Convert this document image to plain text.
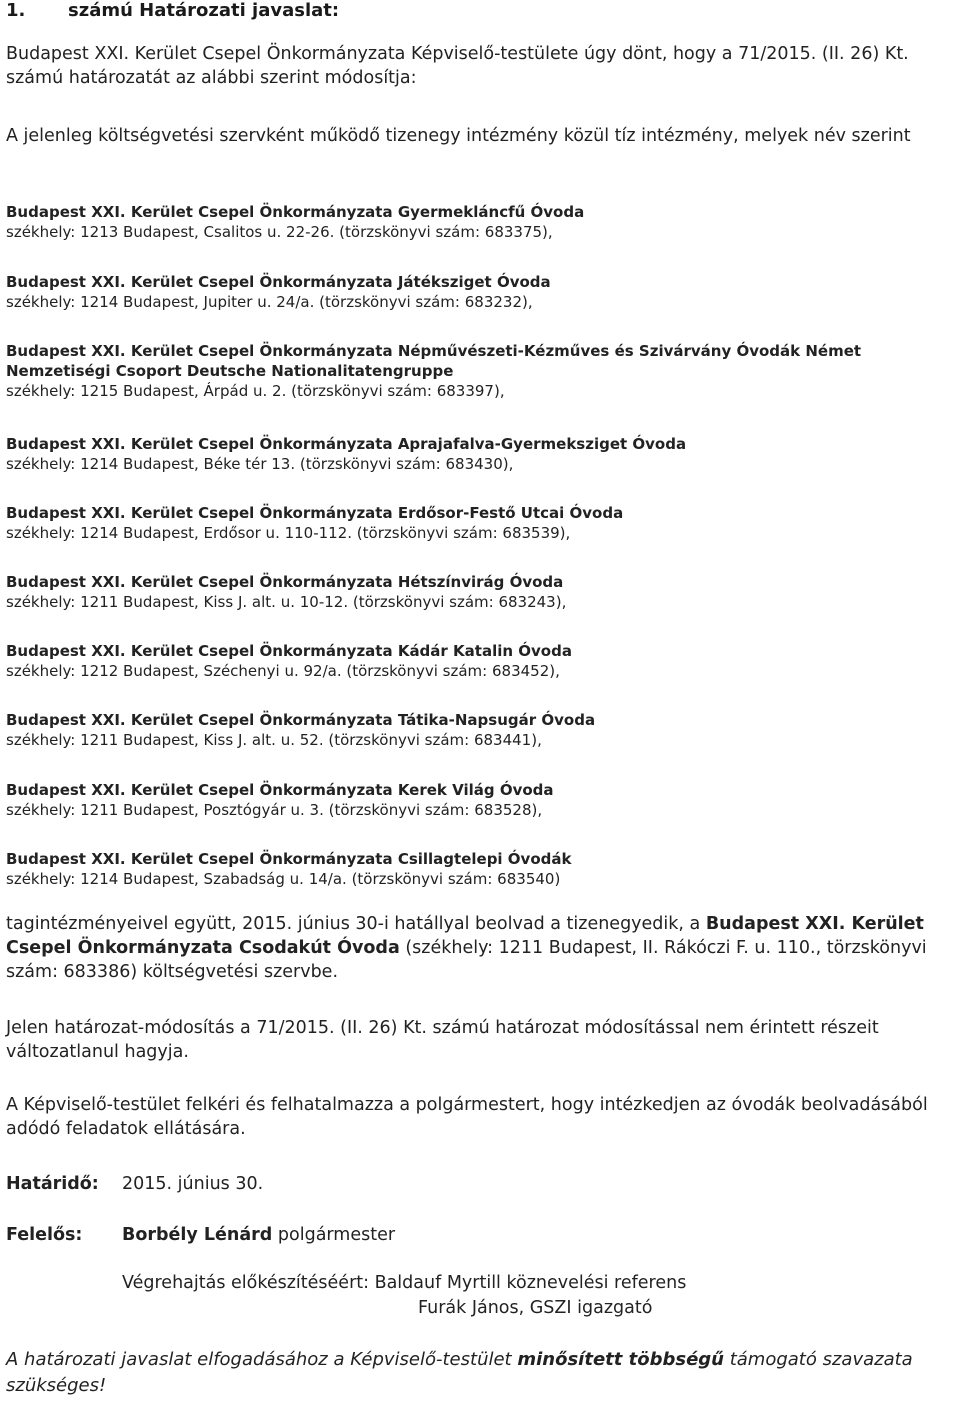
1. számú Határozati javaslat:
Budapest XXI. Kerület Csepel Önkormányzata Képviselő-testülete úgy dönt, hogy a 71/2015. (II. 26) Kt. számú határozatát az alábbi szerint módosítja:
A jelenleg költségvetési szervként működő tizenegy intézmény közül tíz intézmény, melyek név szerint
Budapest XXI. Kerület Csepel Önkormányzata Gyermekláncfű Óvoda
székhely: 1213 Budapest, Csalitos u. 22-26. (törzskönyvi szám: 683375),
Budapest XXI. Kerület Csepel Önkormányzata Játéksziget Óvoda
székhely: 1214 Budapest, Jupiter u. 24/a. (törzskönyvi szám: 683232),
Budapest XXI. Kerület Csepel Önkormányzata Népművészeti-Kézműves és Szivárvány Óvodák Német Nemzetiségi Csoport Deutsche Nationalitatengruppe
székhely: 1215 Budapest, Árpád u. 2. (törzskönyvi szám: 683397),
Budapest XXI. Kerület Csepel Önkormányzata Aprajafalva-Gyermeksziget Óvoda
székhely: 1214 Budapest, Béke tér 13. (törzskönyvi szám: 683430),
Budapest XXI. Kerület Csepel Önkormányzata Erdősor-Festő Utcai Óvoda
székhely: 1214 Budapest, Erdősor u. 110-112. (törzskönyvi szám: 683539),
Budapest XXI. Kerület Csepel Önkormányzata Hétszínvirág Óvoda
székhely: 1211 Budapest, Kiss J. alt. u. 10-12. (törzskönyvi szám: 683243),
Budapest XXI. Kerület Csepel Önkormányzata Kádár Katalin Óvoda
székhely: 1212 Budapest, Széchenyi u. 92/a. (törzskönyvi szám: 683452),
Budapest XXI. Kerület Csepel Önkormányzata Tátika-Napsugár Óvoda
székhely: 1211 Budapest, Kiss J. alt. u. 52. (törzskönyvi szám: 683441),
Budapest XXI. Kerület Csepel Önkormányzata Kerek Világ Óvoda
székhely: 1211 Budapest, Posztógyár u. 3. (törzskönyvi szám: 683528),
Budapest XXI. Kerület Csepel Önkormányzata Csillagtelepi Óvodák
székhely: 1214 Budapest, Szabadság u. 14/a. (törzskönyvi szám: 683540)
tagintézményeivel együtt, 2015. június 30-i hatállyal beolvad a tizenegyedik, a Budapest XXI. Kerület Csepel Önkormányzata Csodakút Óvoda (székhely: 1211 Budapest, II. Rákóczi F. u. 110., törzskönyvi szám: 683386) költségvetési szervbe.
Jelen határozat-módosítás a 71/2015. (II. 26) Kt. számú határozat módosítással nem érintett részeit változatlanul hagyja.
A Képviselő-testület felkéri és felhatalmazza a polgármestert, hogy intézkedjen az óvodák beolvadásából adódó feladatok ellátására.
Határidő: 2015. június 30.
Felelős: Borbély Lénárd polgármester
Végrehajtás előkészítéséért: Baldauf Myrtill köznevelési referens
Furák János, GSZI igazgató
A határozati javaslat elfogadásához a Képviselő-testület minősített többségű támogató szavazata szükséges!
